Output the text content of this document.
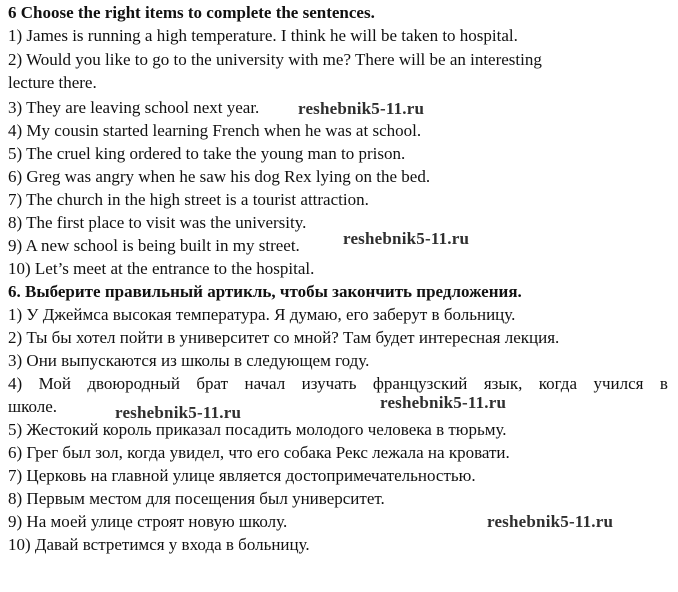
6 Choose the right items to complete the sentences.
1) James is running a high temperature. I think he will be taken to hospital.
2) Would you like to go to the university with me? There will be an interesting
lecture there.
3) They are leaving school next year.
4) My cousin started learning French when he was at school.
5) The cruel king ordered to take the young man to prison.
6) Greg was angry when he saw his dog Rex lying on the bed.
7) The church in the high street is a tourist attraction.
8) The first place to visit was the university.
9) A new school is being built in my street.
10) Let’s meet at the entrance to the hospital.
6. Выберите правильный артикль, чтобы закончить предложения.
1) У Джеймса высокая температура. Я думаю, его заберут в больницу.
2) Ты бы хотел пойти в университет со мной? Там будет интересная лекция.
3) Они выпускаются из школы в следующем году.
4) Мой двоюродный брат начал изучать французский язык, когда учился в
школе.
5) Жестокий король приказал посадить молодого человека в тюрьму.
6) Грег был зол, когда увидел, что его собака Рекс лежала на кровати.
7) Церковь на главной улице является достопримечательностью.
8) Первым местом для посещения был университет.
9) На моей улице строят новую школу.
10) Давай встретимся у входа в больницу.
reshebnik5-11.ru
reshebnik5-11.ru
reshebnik5-11.ru
reshebnik5-11.ru
reshebnik5-11.ru
